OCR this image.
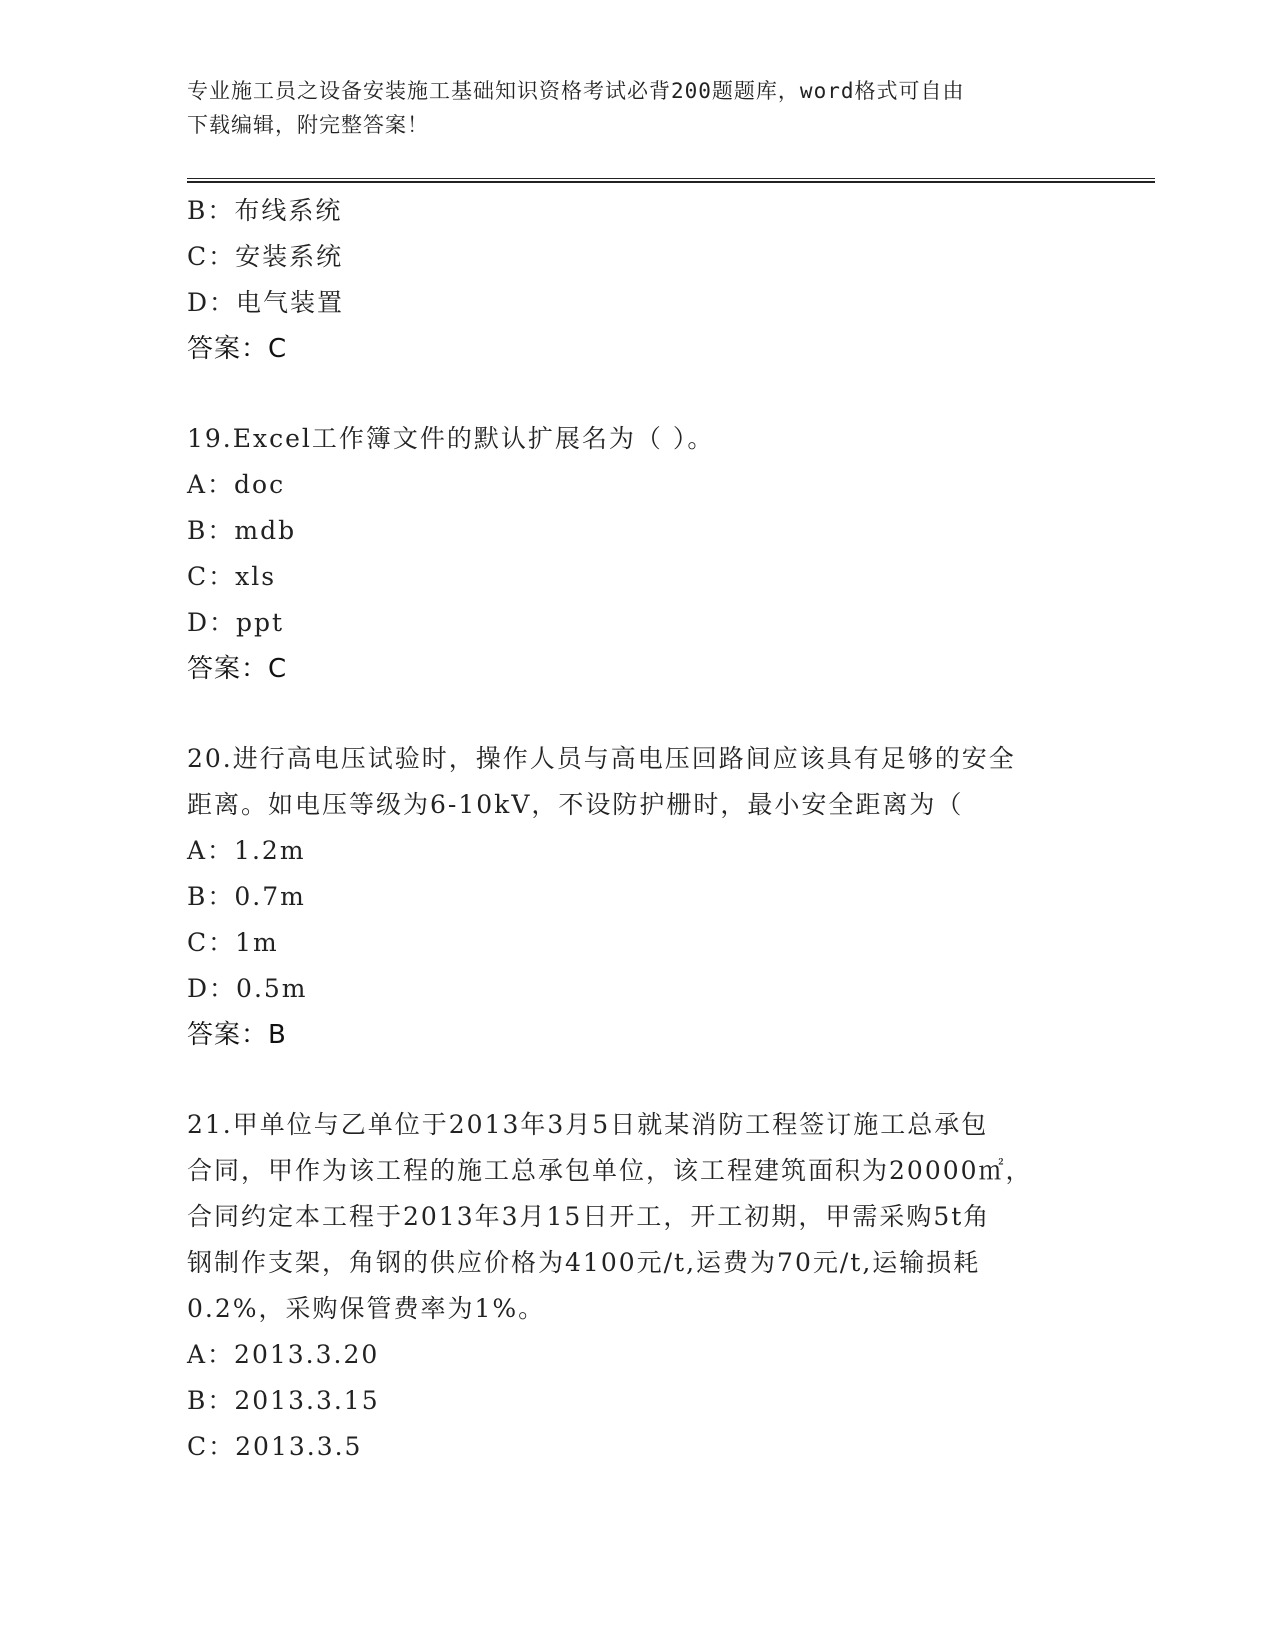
专业施工员之设备安装施工基础知识资格考试必背200题题库，word格式可自由
下载编辑，附完整答案！
B：布线系统
C：安装系统
D：电气装置
答案：C
19.Excel工作簿文件的默认扩展名为（ ）。
A：doc
B：mdb
C：xls
D：ppt
答案：C
20.进行高电压试验时，操作人员与高电压回路间应该具有足够的安全
距离。如电压等级为6-10kV，不设防护栅时，最小安全距离为（
A：1.2m
B：0.7m
C：1m
D：0.5m
答案：B
21.甲单位与乙单位于2013年3月5日就某消防工程签订施工总承包
合同，甲作为该工程的施工总承包单位，该工程建筑面积为20000㎡，
合同约定本工程于2013年3月15日开工，开工初期，甲需采购5t角
钢制作支架，角钢的供应价格为4100元/t,运费为70元/t,运输损耗
0.2%，采购保管费率为1%。
A：2013.3.20
B：2013.3.15
C：2013.3.5
